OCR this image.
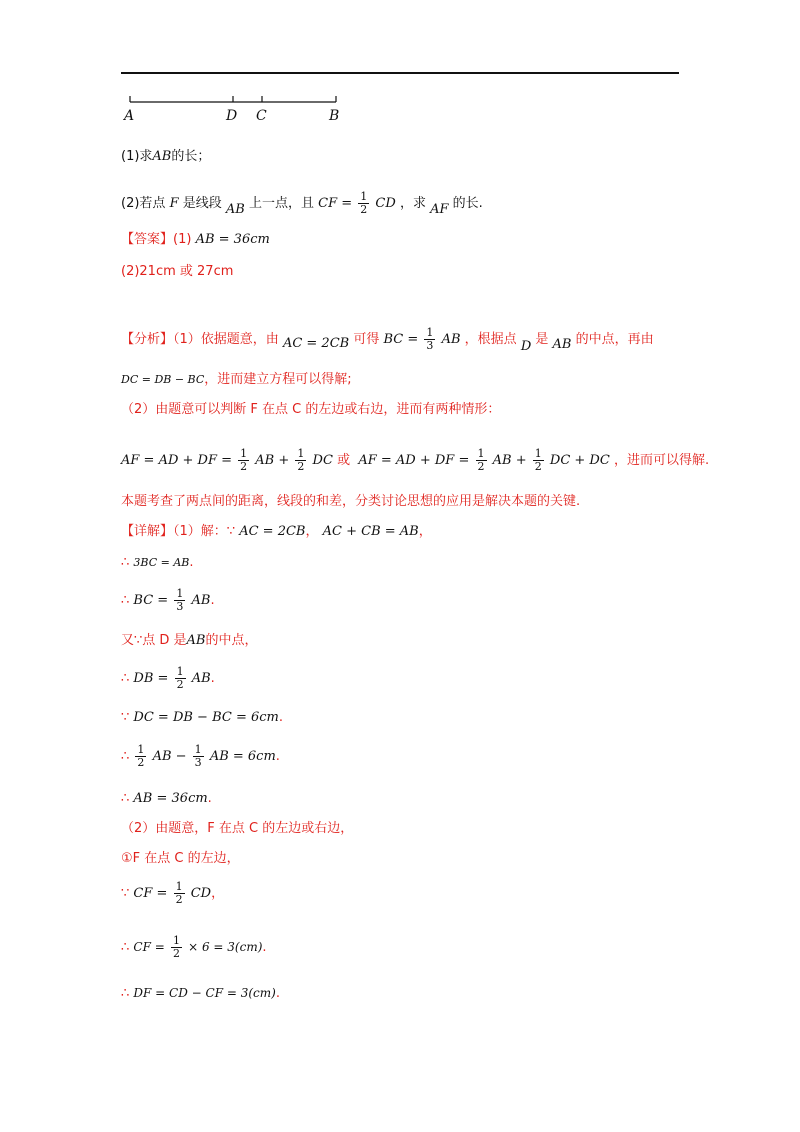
A	D C	B
(1)求AB的长；
(2)若点 F 是线段 AB 上一点，且 CF = $\frac{1}{2}$ CD ，求 AF 的长.
【答案】(1) AB = 36cm
(2)21cm 或 27cm
【分析】（1）依据题意，由 AC = 2CB 可得 BC = $\frac{1}{3}$ AB ，根据点 D 是 AB 的中点，再由
DC = DB − BC，进而建立方程可以得解;
（2）由题意可以判断 F 在点 C 的左边或右边，进而有两种情形：
AF = AD + DF = $\frac{1}{2}$ AB + $\frac{1}{2}$ DC 或 AF = AD + DF = $\frac{1}{2}$ AB + $\frac{1}{2}$ DC + DC ，进而可以得解.
本题考查了两点间的距离，线段的和差，分类讨论思想的应用是解决本题的关键.
【详解】（1）解：∵ AC = 2CB， AC + CB = AB，
∴ 3BC = AB.
∴ BC = $\frac{1}{3}$ AB.
又∵点 D 是AB的中点，
∴ DB = $\frac{1}{2}$ AB.
∵ DC = DB − BC = 6cm.
∴ $\frac{1}{2}$ AB − $\frac{1}{3}$ AB = 6cm.
∴ AB = 36cm.
（2）由题意，F 在点 C 的左边或右边，
①F 在点 C 的左边，
∵ CF = $\frac{1}{2}$ CD，
∴ CF = $\frac{1}{2} \times 6 = 3(cm)$.
∴ DF = CD − CF = 3(cm).
